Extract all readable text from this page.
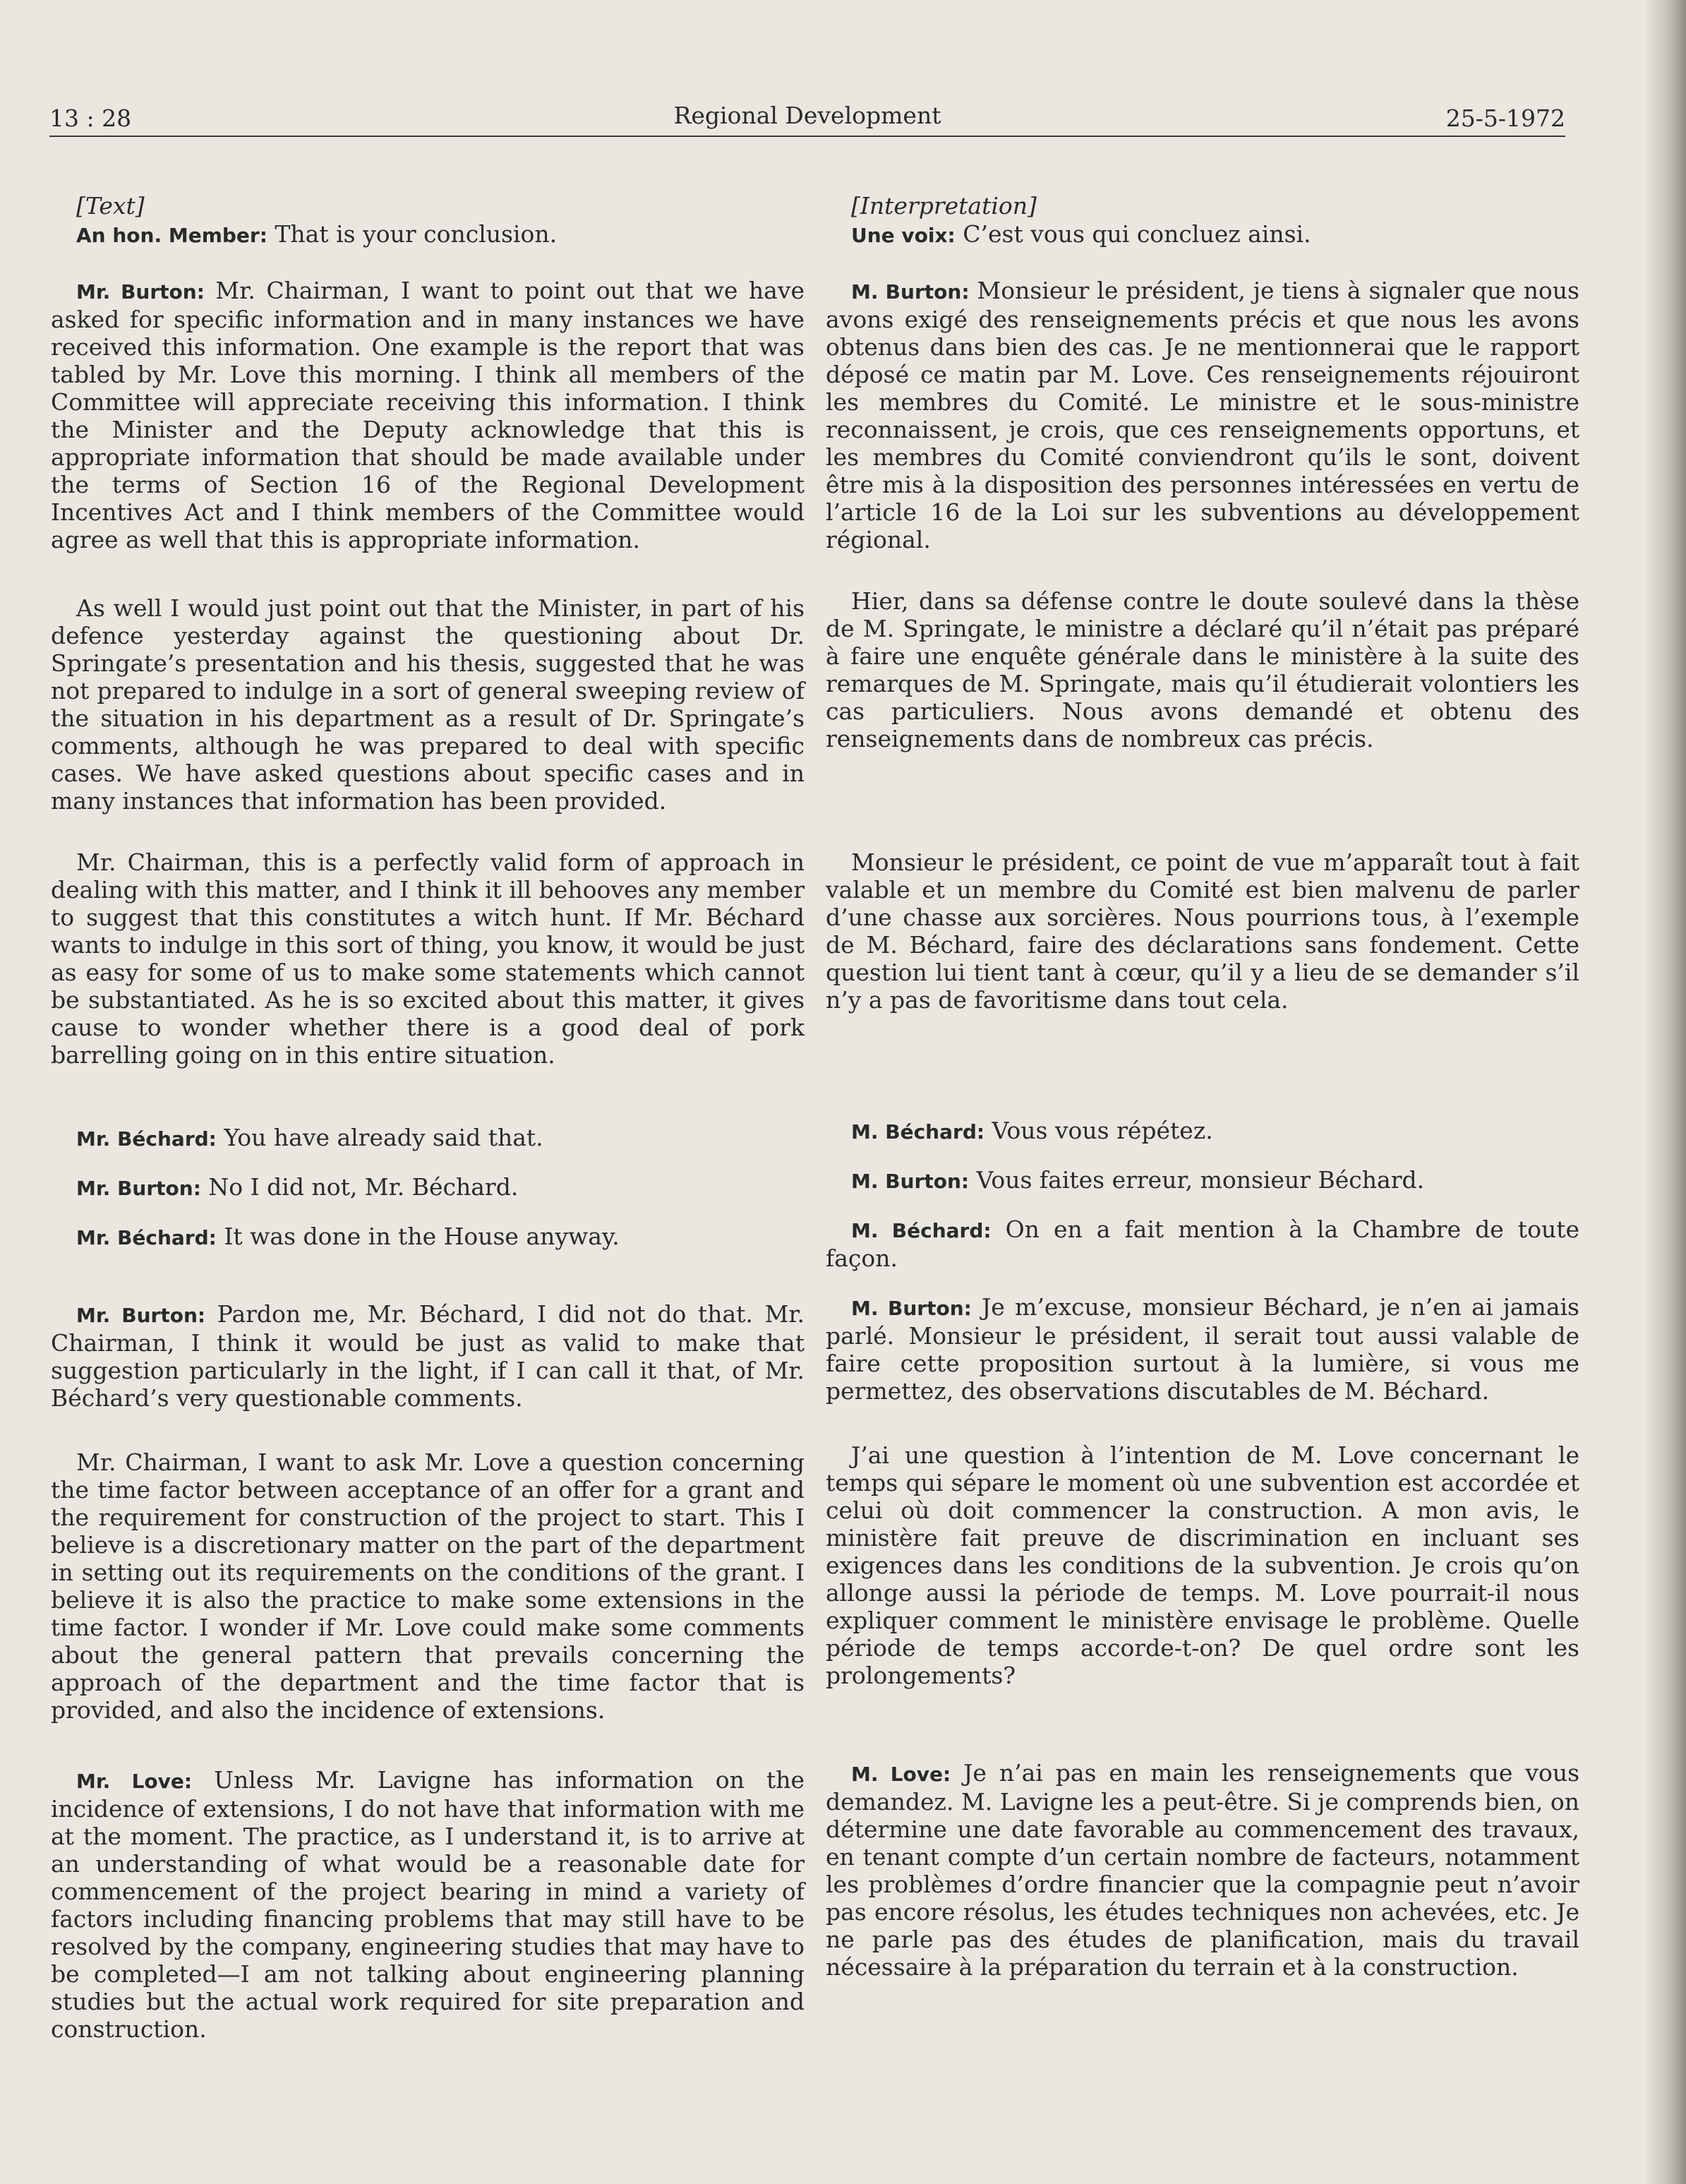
13 : 28	Regional Development	25-5-1972

[Text]

An hon. Member: That is your conclusion.

Mr. Burton: Mr. Chairman, I want to point out that we have asked for specific information and in many instances we have received this information. One example is the report that was tabled by Mr. Love this morning. I think all members of the Committee will appreciate receiving this information. I think the Minister and the Deputy acknowledge that this is appropriate information that should be made available under the terms of Section 16 of the Regional Development Incentives Act and I think members of the Committee would agree as well that this is appropriate information.

As well I would just point out that the Minister, in part of his defence yesterday against the questioning about Dr. Springate’s presentation and his thesis, suggested that he was not prepared to indulge in a sort of general sweeping review of the situation in his department as a result of Dr. Springate’s comments, although he was prepared to deal with specific cases. We have asked questions about specific cases and in many instances that information has been provided.

Mr. Chairman, this is a perfectly valid form of approach in dealing with this matter, and I think it ill behooves any member to suggest that this constitutes a witch hunt. If Mr. Béchard wants to indulge in this sort of thing, you know, it would be just as easy for some of us to make some statements which cannot be substantiated. As he is so excited about this matter, it gives cause to wonder whether there is a good deal of pork barrelling going on in this entire situation.

Mr. Béchard: You have already said that.

Mr. Burton: No I did not, Mr. Béchard.

Mr. Béchard: It was done in the House anyway.

Mr. Burton: Pardon me, Mr. Béchard, I did not do that. Mr. Chairman, I think it would be just as valid to make that suggestion particularly in the light, if I can call it that, of Mr. Béchard’s very questionable comments.

Mr. Chairman, I want to ask Mr. Love a question concerning the time factor between acceptance of an offer for a grant and the requirement for construction of the project to start. This I believe is a discretionary matter on the part of the department in setting out its requirements on the conditions of the grant. I believe it is also the practice to make some extensions in the time factor. I wonder if Mr. Love could make some comments about the general pattern that prevails concerning the approach of the department and the time factor that is provided, and also the incidence of extensions.

Mr. Love: Unless Mr. Lavigne has information on the incidence of extensions, I do not have that information with me at the moment. The practice, as I understand it, is to arrive at an understanding of what would be a reasonable date for commencement of the project bearing in mind a variety of factors including financing problems that may still have to be resolved by the company, engineering studies that may have to be completed—I am not talking about engineering planning studies but the actual work required for site preparation and construction.

[Interpretation]

Une voix: C’est vous qui concluez ainsi.

M. Burton: Monsieur le président, je tiens à signaler que nous avons exigé des renseignements précis et que nous les avons obtenus dans bien des cas. Je ne mentionnerai que le rapport déposé ce matin par M. Love. Ces renseignements réjouiront les membres du Comité. Le ministre et le sous-ministre reconnaissent, je crois, que ces renseignements opportuns, et les membres du Comité conviendront qu’ils le sont, doivent être mis à la disposition des personnes intéressées en vertu de l’article 16 de la Loi sur les subventions au développement régional.

Hier, dans sa défense contre le doute soulevé dans la thèse de M. Springate, le ministre a déclaré qu’il n’était pas préparé à faire une enquête générale dans le ministère à la suite des remarques de M. Springate, mais qu’il étudierait volontiers les cas particuliers. Nous avons demandé et obtenu des renseignements dans de nombreux cas précis.

Monsieur le président, ce point de vue m’apparaît tout à fait valable et un membre du Comité est bien malvenu de parler d’une chasse aux sorcières. Nous pourrions tous, à l’exemple de M. Béchard, faire des déclarations sans fondement. Cette question lui tient tant à cœur, qu’il y a lieu de se demander s’il n’y a pas de favoritisme dans tout cela.

M. Béchard: Vous vous répétez.

M. Burton: Vous faites erreur, monsieur Béchard.

M. Béchard: On en a fait mention à la Chambre de toute façon.

M. Burton: Je m’excuse, monsieur Béchard, je n’en ai jamais parlé. Monsieur le président, il serait tout aussi valable de faire cette proposition surtout à la lumière, si vous me permettez, des observations discutables de M. Béchard.

J’ai une question à l’intention de M. Love concernant le temps qui sépare le moment où une subvention est accordée et celui où doit commencer la construction. A mon avis, le ministère fait preuve de discrimination en incluant ses exigences dans les conditions de la subvention. Je crois qu’on allonge aussi la période de temps. M. Love pourrait-il nous expliquer comment le ministère envisage le problème. Quelle période de temps accorde-t-on? De quel ordre sont les prolongements?

M. Love: Je n’ai pas en main les renseignements que vous demandez. M. Lavigne les a peut-être. Si je comprends bien, on détermine une date favorable au commencement des travaux, en tenant compte d’un certain nombre de facteurs, notamment les problèmes d’ordre financier que la compagnie peut n’avoir pas encore résolus, les études techniques non achevées, etc. Je ne parle pas des études de planification, mais du travail nécessaire à la préparation du terrain et à la construction.
